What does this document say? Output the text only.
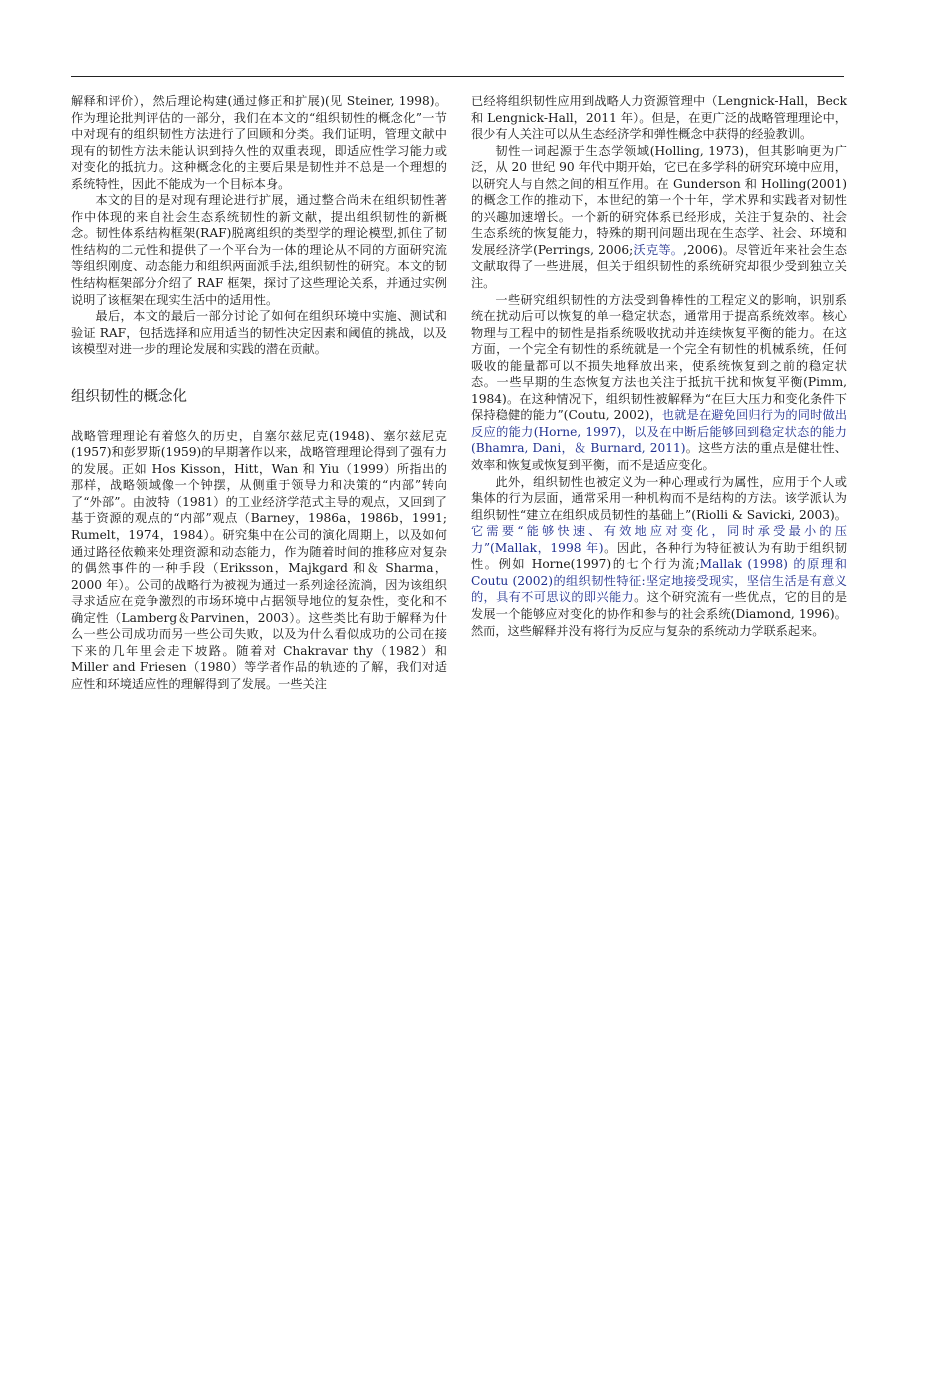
解释和评价），然后理论构建(通过修正和扩展)(见 Steiner, 1998)。作为理论批判评估的一部分，我们在本文的“组织韧性的概念化”一节中对现有的组织韧性方法进行了回顾和分类。我们证明，管理文献中现有的韧性方法未能认识到持久性的双重表现，即适应性学习能力或对变化的抵抗力。这种概念化的主要后果是韧性并不总是一个理想的系统特性，因此不能成为一个目标本身。

本文的目的是对现有理论进行扩展，通过整合尚未在组织韧性著作中体现的来自社会生态系统韧性的新文献，提出组织韧性的新概念。韧性体系结构框架(RAF)脱离组织的类型学的理论模型,抓住了韧性结构的二元性和提供了一个平台为一体的理论从不同的方面研究流等组织刚度、动态能力和组织两面派手法,组织韧性的研究。本文的韧性结构框架部分介绍了 RAF 框架，探讨了这些理论关系，并通过实例说明了该框架在现实生活中的适用性。

最后，本文的最后一部分讨论了如何在组织环境中实施、测试和验证 RAF，包括选择和应用适当的韧性决定因素和阈值的挑战，以及该模型对进一步的理论发展和实践的潜在贡献。

组织韧性的概念化

战略管理理论有着悠久的历史，自塞尔兹尼克(1948)、塞尔兹尼克(1957)和彭罗斯(1959)的早期著作以来，战略管理理论得到了强有力的发展。正如 Hos Kisson，Hitt，Wan 和 Yiu（1999）所指出的那样，战略领域像一个钟摆，从侧重于领导力和决策的“内部”转向了“外部”。由波特（1981）的工业经济学范式主导的观点，又回到了基于资源的观点的“内部”观点（Barney，1986a，1986b，1991; Rumelt，1974，1984）。研究集中在公司的演化周期上，以及如何通过路径依赖来处理资源和动态能力，作为随着时间的推移应对复杂的偶然事件的一种手段（Eriksson，Majkgard 和＆ Sharma，2000 年）。公司的战略行为被视为通过一系列途径流淌，因为该组织寻求适应在竞争激烈的市场环境中占据领导地位的复杂性，变化和不确定性（Lamberg＆Parvinen，2003）。这些类比有助于解释为什么一些公司成功而另一些公司失败，以及为什么看似成功的公司在接下来的几年里会走下坡路。随着对 Chakravar thy（1982）和 Miller and Friesen（1980）等学者作品的轨迹的了解，我们对适应性和环境适应性的理解得到了发展。一些关注

已经将组织韧性应用到战略人力资源管理中（Lengnick-Hall，Beck 和 Lengnick-Hall，2011 年）。但是，在更广泛的战略管理理论中，很少有人关注可以从生态经济学和弹性概念中获得的经验教训。

韧性一词起源于生态学领域(Holling, 1973)，但其影响更为广泛，从 20 世纪 90 年代中期开始，它已在多学科的研究环境中应用，以研究人与自然之间的相互作用。在 Gunderson 和 Holling(2001)的概念工作的推动下，本世纪的第一个十年，学术界和实践者对韧性的兴趣加速增长。一个新的研究体系已经形成，关注于复杂的、社会生态系统的恢复能力，特殊的期刊问题出现在生态学、社会、环境和发展经济学(Perrings, 2006;沃克等。,2006)。尽管近年来社会生态文献取得了一些进展，但关于组织韧性的系统研究却很少受到独立关注。

一些研究组织韧性的方法受到鲁棒性的工程定义的影响，识别系统在扰动后可以恢复的单一稳定状态，通常用于提高系统效率。核心物理与工程中的韧性是指系统吸收扰动并连续恢复平衡的能力。在这方面，一个完全有韧性的系统就是一个完全有韧性的机械系统，任何吸收的能量都可以不损失地释放出来，使系统恢复到之前的稳定状态。一些早期的生态恢复方法也关注于抵抗干扰和恢复平衡(Pimm, 1984)。在这种情况下，组织韧性被解释为“在巨大压力和变化条件下保持稳健的能力”(Coutu, 2002)，也就是在避免回归行为的同时做出反应的能力(Horne, 1997)，以及在中断后能够回到稳定状态的能力(Bhamra, Dani，＆ Burnard, 2011)。这些方法的重点是健壮性、效率和恢复或恢复到平衡，而不是适应变化。

此外，组织韧性也被定义为一种心理或行为属性，应用于个人或集体的行为层面，通常采用一种机构而不是结构的方法。该学派认为组织韧性“建立在组织成员韧性的基础上”(Riolli & Savicki, 2003)。它需要“能够快速、有效地应对变化，同时承受最小的压力”(Mallak，1998 年)。因此，各种行为特征被认为有助于组织韧性。例如 Horne(1997)的七个行为流;Mallak (1998) 的原理和 Coutu (2002)的组织韧性特征:坚定地接受现实，坚信生活是有意义的，具有不可思议的即兴能力。这个研究流有一些优点，它的目的是发展一个能够应对变化的协作和参与的社会系统(Diamond, 1996)。然而，这些解释并没有将行为反应与复杂的系统动力学联系起来。
